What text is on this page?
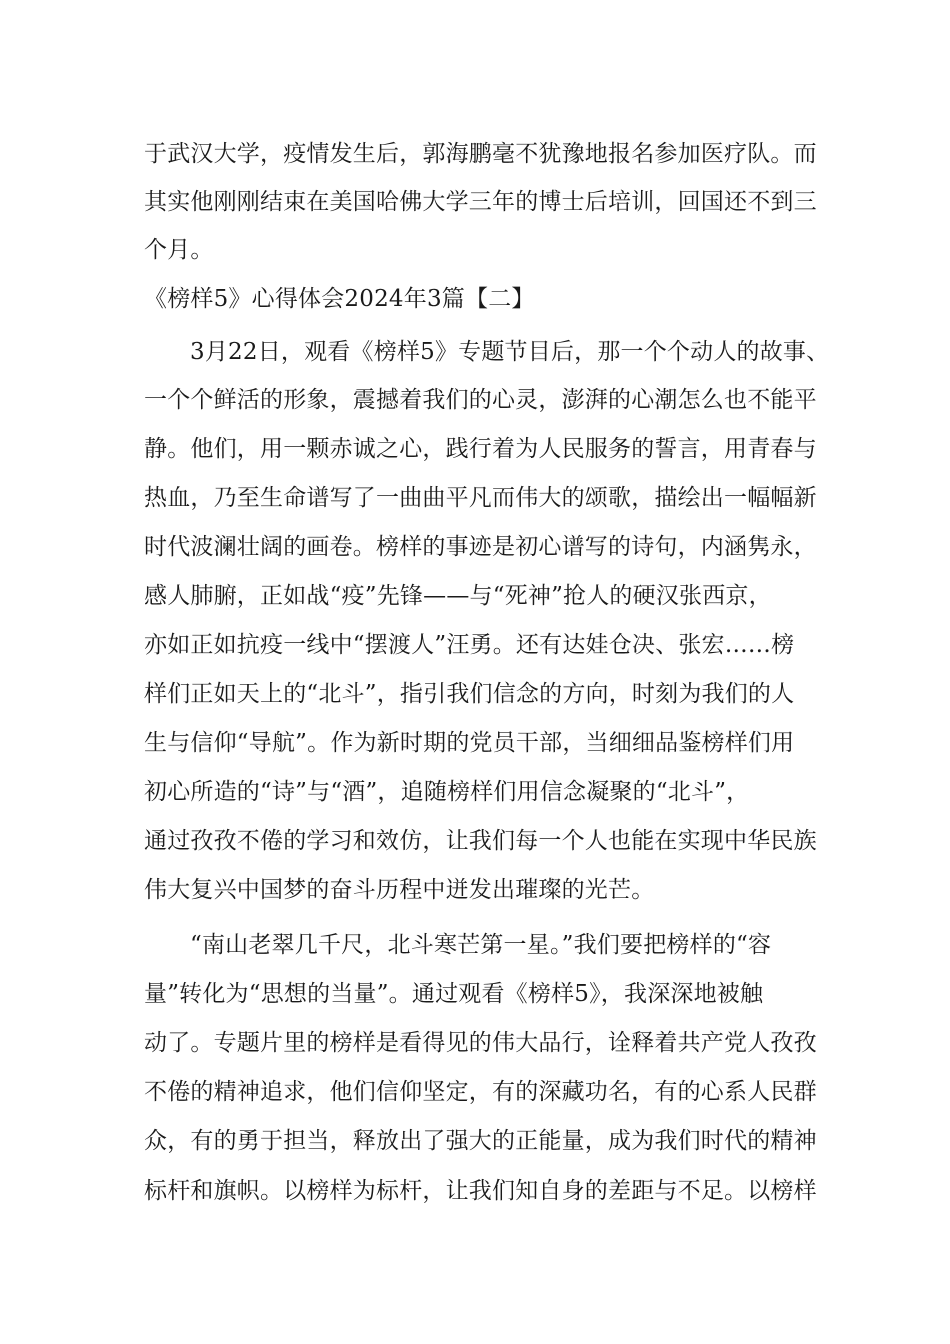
于武汉大学，疫情发生后，郭海鹏毫不犹豫地报名参加医疗队。而
其实他刚刚结束在美国哈佛大学三年的博士后培训，回国还不到三
个月。
《榜样5》心得体会2024年3篇【二】
3月22日，观看《榜样5》专题节目后，那一个个动人的故事、
一个个鲜活的形象，震撼着我们的心灵，澎湃的心潮怎么也不能平
静。他们，用一颗赤诚之心，践行着为人民服务的誓言，用青春与
热血，乃至生命谱写了一曲曲平凡而伟大的颂歌，描绘出一幅幅新
时代波澜壮阔的画卷。榜样的事迹是初心谱写的诗句，内涵隽永，
感人肺腑，正如战“疫”先锋——与“死神”抢人的硬汉张西京，
亦如正如抗疫一线中“摆渡人”汪勇。还有达娃仓决、张宏……榜
样们正如天上的“北斗”，指引我们信念的方向，时刻为我们的人
生与信仰“导航”。作为新时期的党员干部，当细细品鉴榜样们用
初心所造的“诗”与“酒”，追随榜样们用信念凝聚的“北斗”，
通过孜孜不倦的学习和效仿，让我们每一个人也能在实现中华民族
伟大复兴中国梦的奋斗历程中迸发出璀璨的光芒。
“南山老翠几千尺，北斗寒芒第一星。”我们要把榜样的“容
量”转化为“思想的当量”。通过观看《榜样5》，我深深地被触
动了。专题片里的榜样是看得见的伟大品行，诠释着共产党人孜孜
不倦的精神追求，他们信仰坚定，有的深藏功名，有的心系人民群
众，有的勇于担当，释放出了强大的正能量，成为我们时代的精神
标杆和旗帜。以榜样为标杆，让我们知自身的差距与不足。以榜样
